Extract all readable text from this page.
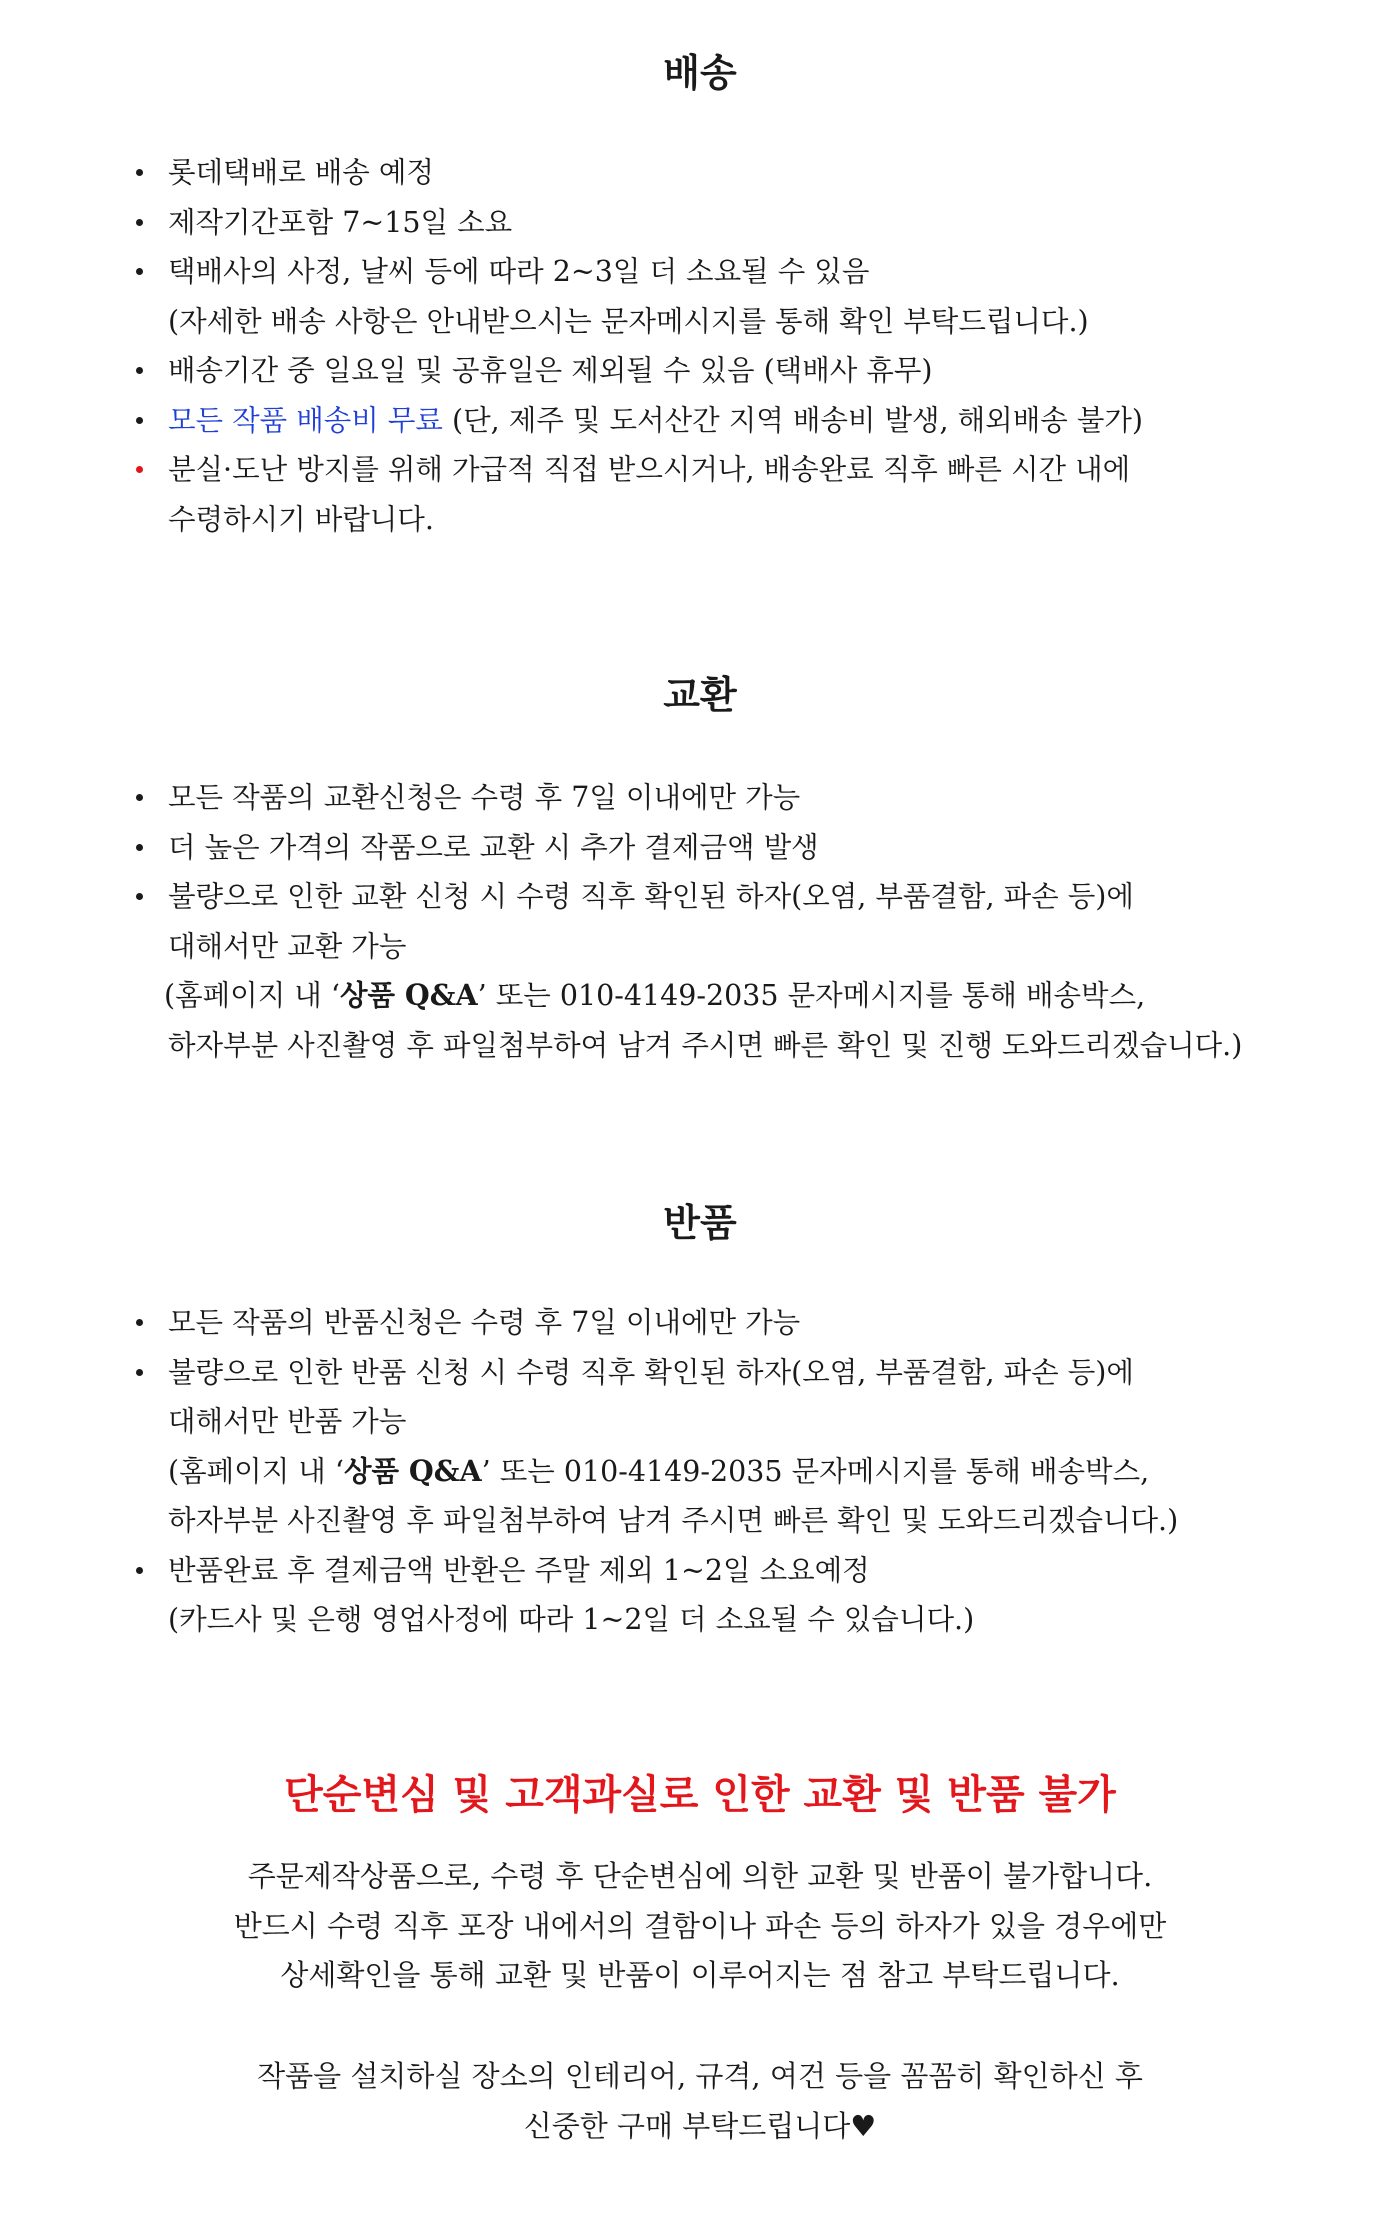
배송
롯데택배로 배송 예정
제작기간포함 7~15일 소요
택배사의 사정, 날씨 등에 따라 2~3일 더 소요될 수 있음
(자세한 배송 사항은 안내받으시는 문자메시지를 통해 확인 부탁드립니다.)
배송기간 중 일요일 및 공휴일은 제외될 수 있음 (택배사 휴무)
모든 작품 배송비 무료 (단, 제주 및 도서산간 지역 배송비 발생, 해외배송 불가)
분실·도난 방지를 위해 가급적 직접 받으시거나, 배송완료 직후 빠른 시간 내에
수령하시기 바랍니다.
교환
모든 작품의 교환신청은 수령 후 7일 이내에만 가능
더 높은 가격의 작품으로 교환 시 추가 결제금액 발생
불량으로 인한 교환 신청 시 수령 직후 확인된 하자(오염, 부품결함, 파손 등)에
대해서만 교환 가능
(홈페이지 내 ‘상품 Q&A’ 또는 010-4149-2035 문자메시지를 통해 배송박스,
하자부분 사진촬영 후 파일첨부하여 남겨 주시면 빠른 확인 및 진행 도와드리겠습니다.)
반품
모든 작품의 반품신청은 수령 후 7일 이내에만 가능
불량으로 인한 반품 신청 시 수령 직후 확인된 하자(오염, 부품결함, 파손 등)에
대해서만 반품 가능
(홈페이지 내 ‘상품 Q&A’ 또는 010-4149-2035 문자메시지를 통해 배송박스,
하자부분 사진촬영 후 파일첨부하여 남겨 주시면 빠른 확인 및 도와드리겠습니다.)
반품완료 후 결제금액 반환은 주말 제외 1~2일 소요예정
(카드사 및 은행 영업사정에 따라 1~2일 더 소요될 수 있습니다.)
단순변심 및 고객과실로 인한 교환 및 반품 불가

주문제작상품으로, 수령 후 단순변심에 의한 교환 및 반품이 불가합니다.
반드시 수령 직후 포장 내에서의 결함이나 파손 등의 하자가 있을 경우에만
상세확인을 통해 교환 및 반품이 이루어지는 점 참고 부탁드립니다.

작품을 설치하실 장소의 인테리어, 규격, 여건 등을 꼼꼼히 확인하신 후
신중한 구매 부탁드립니다♥
